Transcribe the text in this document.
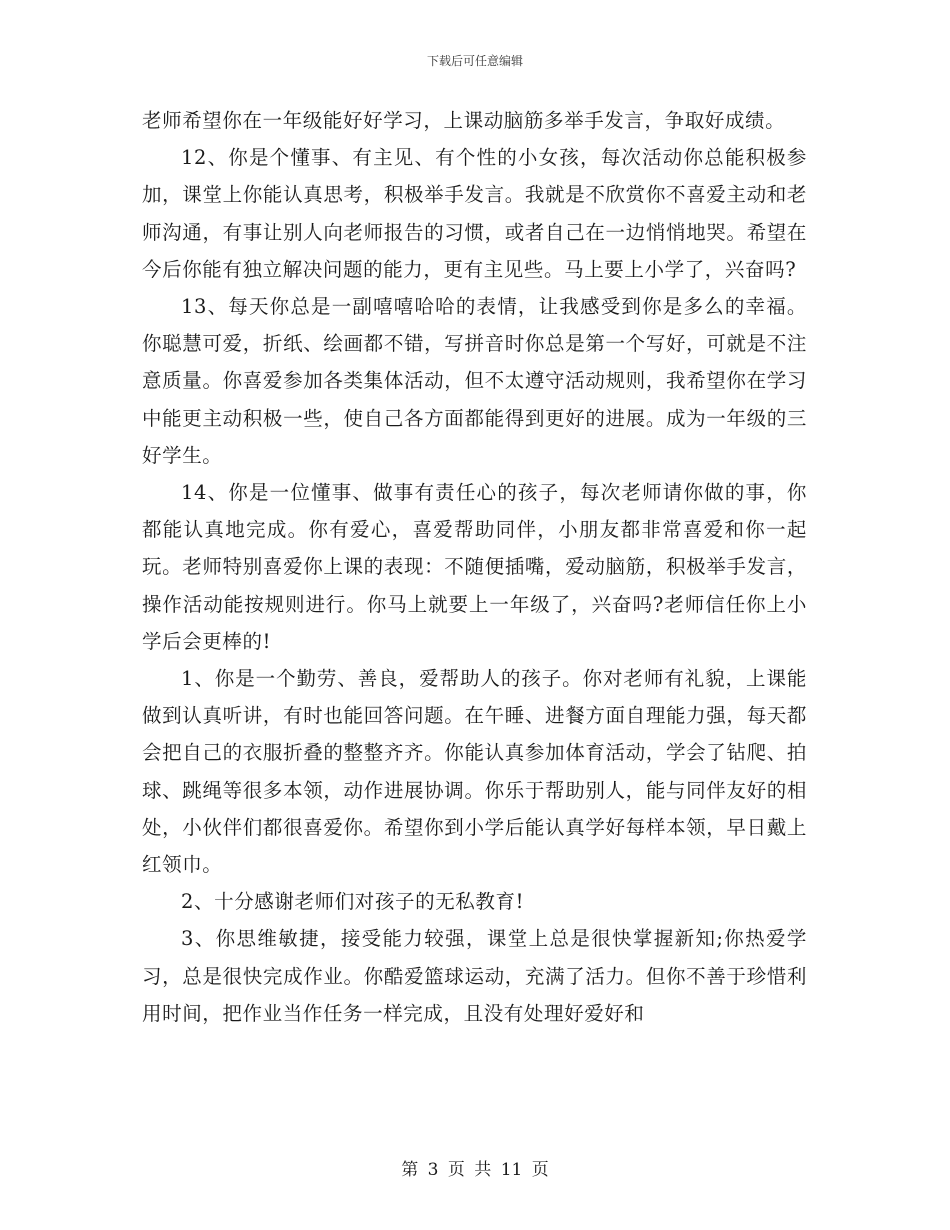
下载后可任意编辑

老师希望你在一年级能好好学习，上课动脑筋多举手发言，争取好成绩。

12、你是个懂事、有主见、有个性的小女孩，每次活动你总能积极参加，课堂上你能认真思考，积极举手发言。我就是不欣赏你不喜爱主动和老师沟通，有事让别人向老师报告的习惯，或者自己在一边悄悄地哭。希望在今后你能有独立解决问题的能力，更有主见些。马上要上小学了，兴奋吗?

13、每天你总是一副嘻嘻哈哈的表情，让我感受到你是多么的幸福。你聪慧可爱，折纸、绘画都不错，写拼音时你总是第一个写好，可就是不注意质量。你喜爱参加各类集体活动，但不太遵守活动规则，我希望你在学习中能更主动积极一些，使自己各方面都能得到更好的进展。成为一年级的三好学生。

14、你是一位懂事、做事有责任心的孩子，每次老师请你做的事，你都能认真地完成。你有爱心，喜爱帮助同伴，小朋友都非常喜爱和你一起玩。老师特别喜爱你上课的表现：不随便插嘴，爱动脑筋，积极举手发言，操作活动能按规则进行。你马上就要上一年级了，兴奋吗?老师信任你上小学后会更棒的!

1、你是一个勤劳、善良，爱帮助人的孩子。你对老师有礼貌，上课能做到认真听讲，有时也能回答问题。在午睡、进餐方面自理能力强，每天都会把自己的衣服折叠的整整齐齐。你能认真参加体育活动，学会了钻爬、拍球、跳绳等很多本领，动作进展协调。你乐于帮助别人，能与同伴友好的相处，小伙伴们都很喜爱你。希望你到小学后能认真学好每样本领，早日戴上红领巾。

2、十分感谢老师们对孩子的无私教育!

3、你思维敏捷，接受能力较强，课堂上总是很快掌握新知;你热爱学习，总是很快完成作业。你酷爱篮球运动，充满了活力。但你不善于珍惜利用时间，把作业当作任务一样完成，且没有处理好爱好和

第 3 页 共 11 页
